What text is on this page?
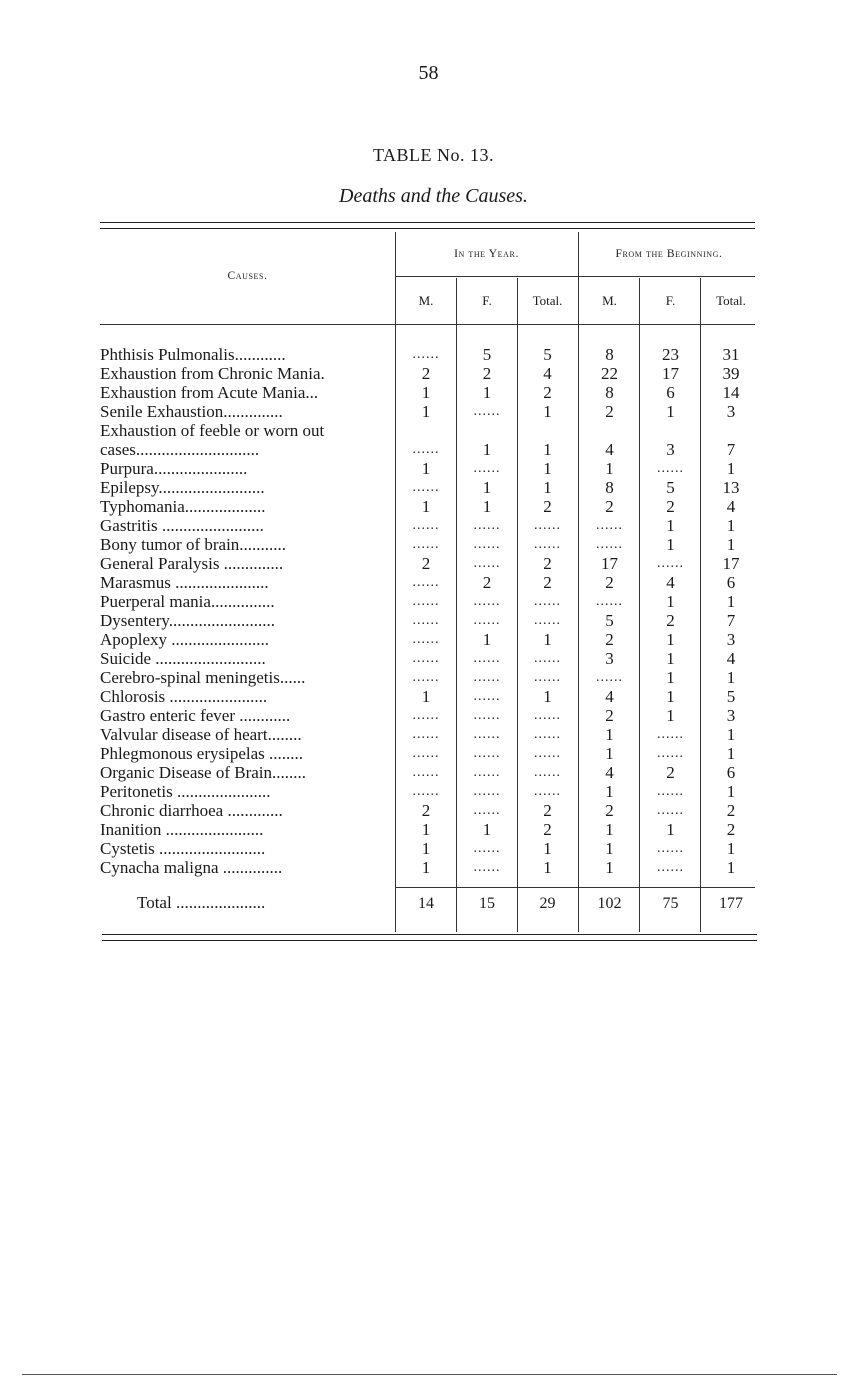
58
TABLE No. 13.
Deaths and the Causes.
Causes.
In the Year.	From the Beginning.
M.	F.	Total.	M.	F.	Total.
Phthisis Pulmonalis............	......	5	5	8	23	31
Exhaustion from Chronic Mania.	2	2	4	22	17	39
Exhaustion from Acute Mania...	1	1	2	8	6	14
Senile Exhaustion..............	1	......	1	2	1	3
Exhaustion of feeble or worn out
cases.............................	......	1	1	4	3	7
Purpura......................	1	......	1	1	......	1
Epilepsy.........................	......	1	1	8	5	13
Typhomania...................	1	1	2	2	2	4
Gastritis ........................	......	......	......	......	1	1
Bony tumor of brain...........	......	......	......	......	1	1
General Paralysis ..............	2	......	2	17	......	17
Marasmus ......................	......	2	2	2	4	6
Puerperal mania...............	......	......	......	......	1	1
Dysentery.........................	......	......	......	5	2	7
Apoplexy .......................	......	1	1	2	1	3
Suicide ..........................	......	......	......	3	1	4
Cerebro-spinal meningetis......	......	......	......	......	1	1
Chlorosis .......................	1	......	1	4	1	5
Gastro enteric fever ............	......	......	......	2	1	3
Valvular disease of heart........	......	......	......	1	......	1
Phlegmonous erysipelas ........	......	......	......	1	......	1
Organic Disease of Brain........	......	......	......	4	2	6
Peritonetis ......................	......	......	......	1	......	1
Chronic diarrhoea .............	2	......	2	2	......	2
Inanition .......................	1	1	2	1	1	2
Cystetis .........................	1	......	1	1	......	1
Cynacha maligna ..............	1	......	1	1	......	1
Total .....................	14	15	29	102	75	177
